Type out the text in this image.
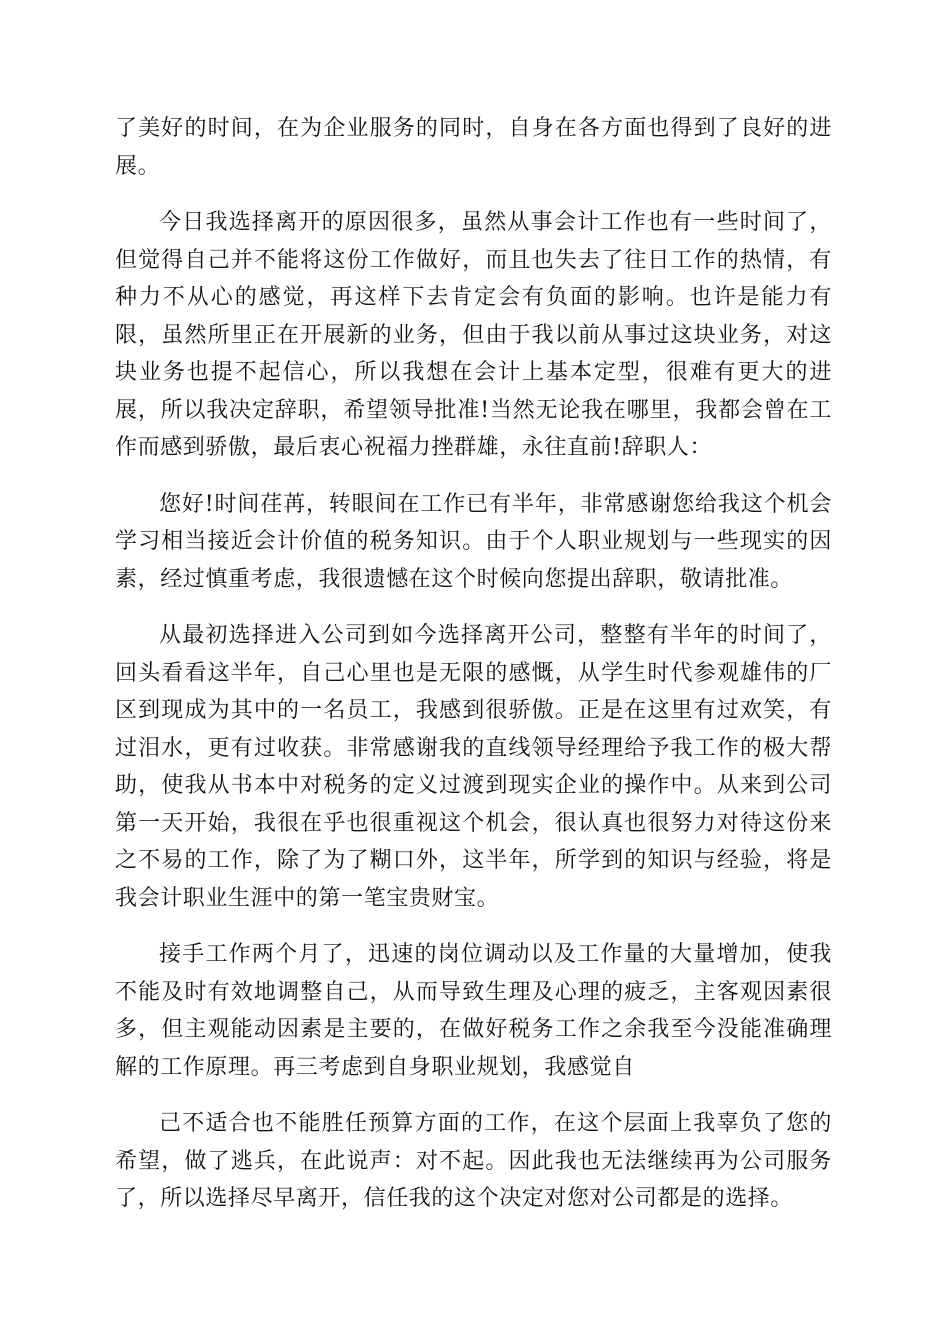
了美好的时间，在为企业服务的同时，自身在各方面也得到了良好的进展。

今日我选择离开的原因很多，虽然从事会计工作也有一些时间了，但觉得自己并不能将这份工作做好，而且也失去了往日工作的热情，有种力不从心的感觉，再这样下去肯定会有负面的影响。也许是能力有限，虽然所里正在开展新的业务，但由于我以前从事过这块业务，对这块业务也提不起信心，所以我想在会计上基本定型，很难有更大的进展，所以我决定辞职，希望领导批准!当然无论我在哪里，我都会曾在工作而感到骄傲，最后衷心祝福力挫群雄，永往直前!辞职人：

您好!时间荏苒，转眼间在工作已有半年，非常感谢您给我这个机会学习相当接近会计价值的税务知识。由于个人职业规划与一些现实的因素，经过慎重考虑，我很遗憾在这个时候向您提出辞职，敬请批准。

从最初选择进入公司到如今选择离开公司，整整有半年的时间了，回头看看这半年，自己心里也是无限的感慨，从学生时代参观雄伟的厂区到现成为其中的一名员工，我感到很骄傲。正是在这里有过欢笑，有过泪水，更有过收获。非常感谢我的直线领导经理给予我工作的极大帮助，使我从书本中对税务的定义过渡到现实企业的操作中。从来到公司第一天开始，我很在乎也很重视这个机会，很认真也很努力对待这份来之不易的工作，除了为了糊口外，这半年，所学到的知识与经验，将是我会计职业生涯中的第一笔宝贵财宝。

接手工作两个月了，迅速的岗位调动以及工作量的大量增加，使我不能及时有效地调整自己，从而导致生理及心理的疲乏，主客观因素很多，但主观能动因素是主要的，在做好税务工作之余我至今没能准确理解的工作原理。再三考虑到自身职业规划，我感觉自

己不适合也不能胜任预算方面的工作，在这个层面上我辜负了您的希望，做了逃兵，在此说声：对不起。因此我也无法继续再为公司服务了，所以选择尽早离开，信任我的这个决定对您对公司都是的选择。
